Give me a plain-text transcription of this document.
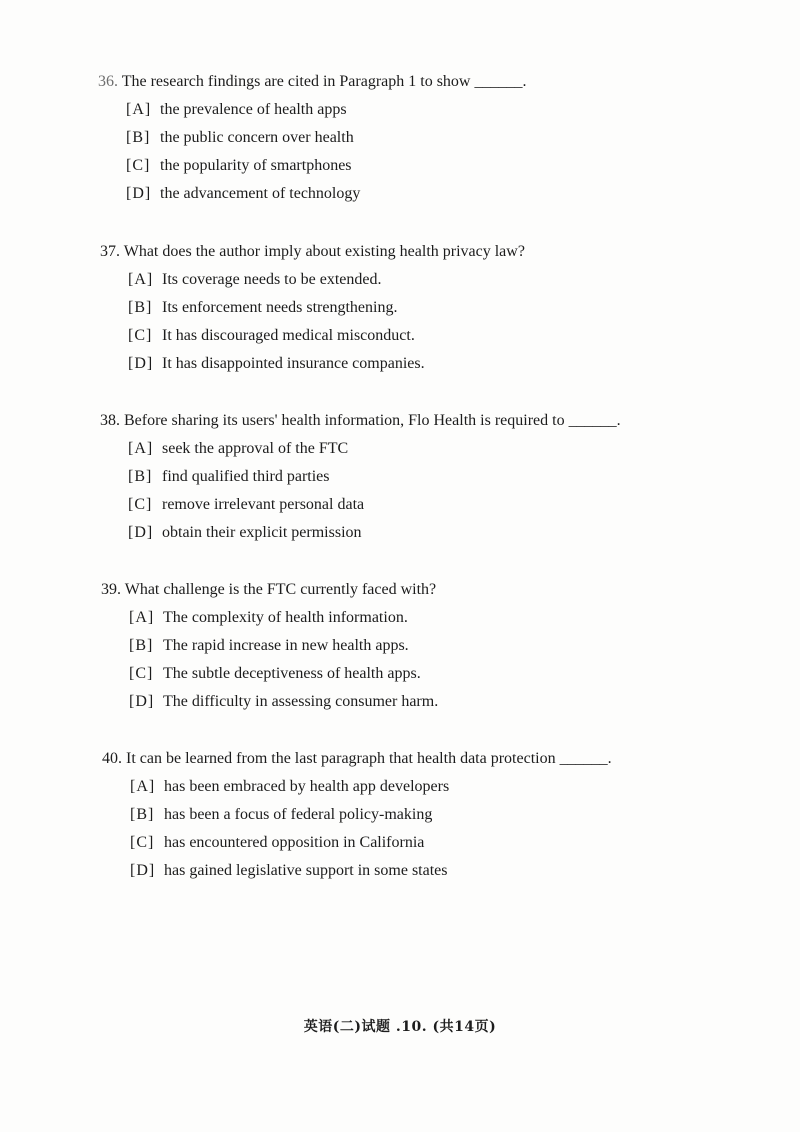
36. The research findings are cited in Paragraph 1 to show ______.
[A] the prevalence of health apps
[B] the public concern over health
[C] the popularity of smartphones
[D] the advancement of technology
37. What does the author imply about existing health privacy law?
[A] Its coverage needs to be extended.
[B] Its enforcement needs strengthening.
[C] It has discouraged medical misconduct.
[D] It has disappointed insurance companies.
38. Before sharing its users' health information, Flo Health is required to ______.
[A] seek the approval of the FTC
[B] find qualified third parties
[C] remove irrelevant personal data
[D] obtain their explicit permission
39. What challenge is the FTC currently faced with?
[A] The complexity of health information.
[B] The rapid increase in new health apps.
[C] The subtle deceptiveness of health apps.
[D] The difficulty in assessing consumer harm.
40. It can be learned from the last paragraph that health data protection ______.
[A] has been embraced by health app developers
[B] has been a focus of federal policy-making
[C] has encountered opposition in California
[D] has gained legislative support in some states
英语(二)试题 .10. (共14页)
